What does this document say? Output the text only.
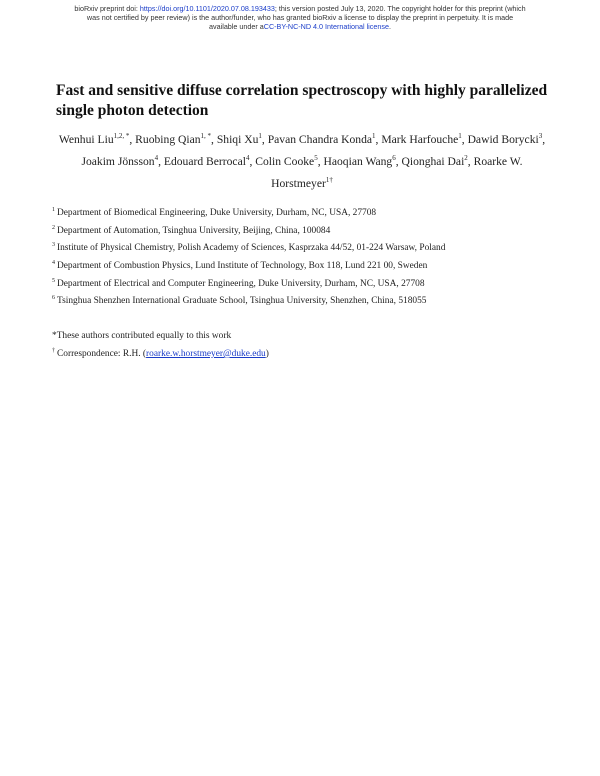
bioRxiv preprint doi: https://doi.org/10.1101/2020.07.08.193433; this version posted July 13, 2020. The copyright holder for this preprint (which
was not certified by peer review) is the author/funder, who has granted bioRxiv a license to display the preprint in perpetuity. It is made
available under aCC-BY-NC-ND 4.0 International license.
Fast and sensitive diffuse correlation spectroscopy with highly parallelized single photon detection
Wenhui Liu$^{1,2, *}$, Ruobing Qian$^{1, *}$, Shiqi Xu$^1$, Pavan Chandra Konda$^1$, Mark Harfouche$^1$, Dawid Borycki$^3$, Joakim Jönsson$^4$, Edouard Berrocal$^4$, Colin Cooke$^5$, Haoqian Wang$^6$, Qionghai Dai$^2$, Roarke W. Horstmeyer$^{1\dagger}$
$^1$ Department of Biomedical Engineering, Duke University, Durham, NC, USA, 27708
$^2$ Department of Automation, Tsinghua University, Beijing, China, 100084
$^3$ Institute of Physical Chemistry, Polish Academy of Sciences, Kasprzaka 44/52, 01-224 Warsaw, Poland
$^4$ Department of Combustion Physics, Lund Institute of Technology, Box 118, Lund 221 00, Sweden
$^5$ Department of Electrical and Computer Engineering, Duke University, Durham, NC, USA, 27708
$^6$ Tsinghua Shenzhen International Graduate School, Tsinghua University, Shenzhen, China, 518055
*These authors contributed equally to this work
† Correspondence: R.H. (roarke.w.horstmeyer@duke.edu)
